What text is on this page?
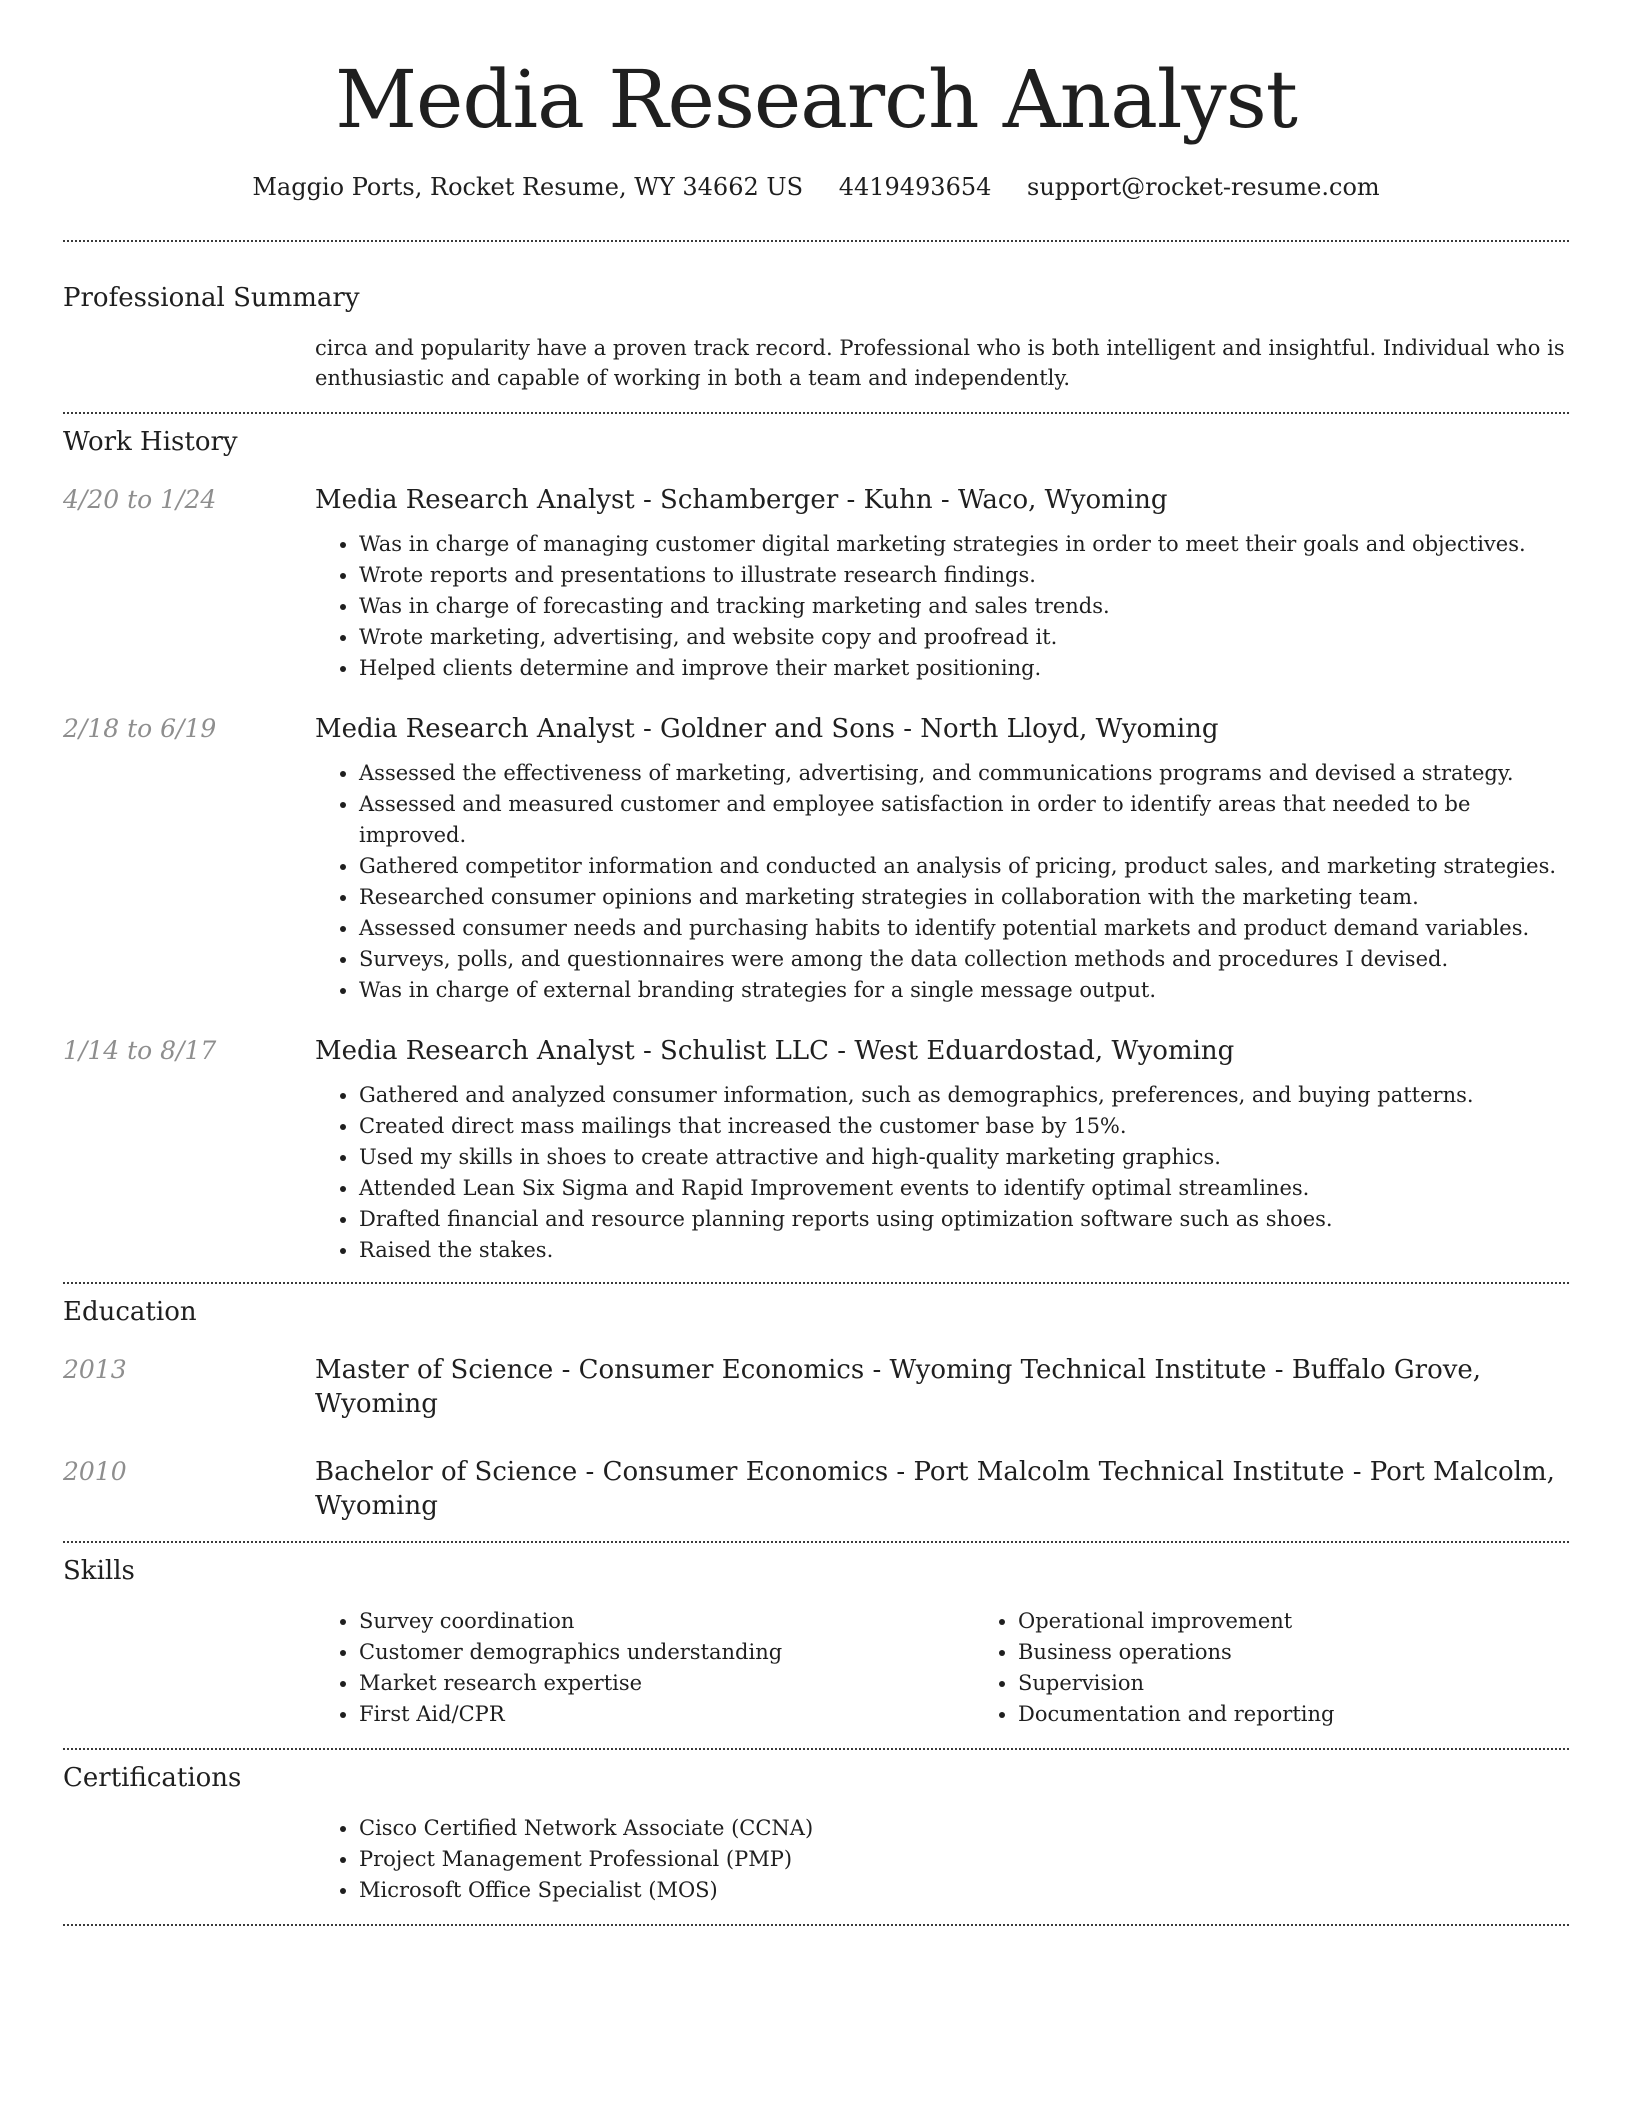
Media Research Analyst
Maggio Ports, Rocket Resume, WY 34662 US 4419493654 support@rocket-resume.com
Professional Summary

circa and popularity have a proven track record. Professional who is both intelligent and insightful. Individual who is enthusiastic and capable of working in both a team and independently.

Work History
4/20 to 1/24	Media Research Analyst - Schamberger - Kuhn - Waco, Wyoming
• Was in charge of managing customer digital marketing strategies in order to meet their goals and objectives.
• Wrote reports and presentations to illustrate research findings.
• Was in charge of forecasting and tracking marketing and sales trends.
• Wrote marketing, advertising, and website copy and proofread it.
• Helped clients determine and improve their market positioning.
2/18 to 6/19	Media Research Analyst - Goldner and Sons - North Lloyd, Wyoming
• Assessed the effectiveness of marketing, advertising, and communications programs and devised a strategy.
• Assessed and measured customer and employee satisfaction in order to identify areas that needed to be improved.
• Gathered competitor information and conducted an analysis of pricing, product sales, and marketing strategies.
• Researched consumer opinions and marketing strategies in collaboration with the marketing team.
• Assessed consumer needs and purchasing habits to identify potential markets and product demand variables.
• Surveys, polls, and questionnaires were among the data collection methods and procedures I devised.
• Was in charge of external branding strategies for a single message output.
1/14 to 8/17	Media Research Analyst - Schulist LLC - West Eduardostad, Wyoming
• Gathered and analyzed consumer information, such as demographics, preferences, and buying patterns.
• Created direct mass mailings that increased the customer base by 15%.
• Used my skills in shoes to create attractive and high-quality marketing graphics.
• Attended Lean Six Sigma and Rapid Improvement events to identify optimal streamlines.
• Drafted financial and resource planning reports using optimization software such as shoes.
• Raised the stakes.
Education
2013	Master of Science - Consumer Economics - Wyoming Technical Institute - Buffalo Grove, Wyoming
2010	Bachelor of Science - Consumer Economics - Port Malcolm Technical Institute - Port Malcolm, Wyoming
Skills
• Survey coordination
• Customer demographics understanding
• Market research expertise
• First Aid/CPR
• Operational improvement
• Business operations
• Supervision
• Documentation and reporting
Certifications
• Cisco Certified Network Associate (CCNA)
• Project Management Professional (PMP)
• Microsoft Office Specialist (MOS)
